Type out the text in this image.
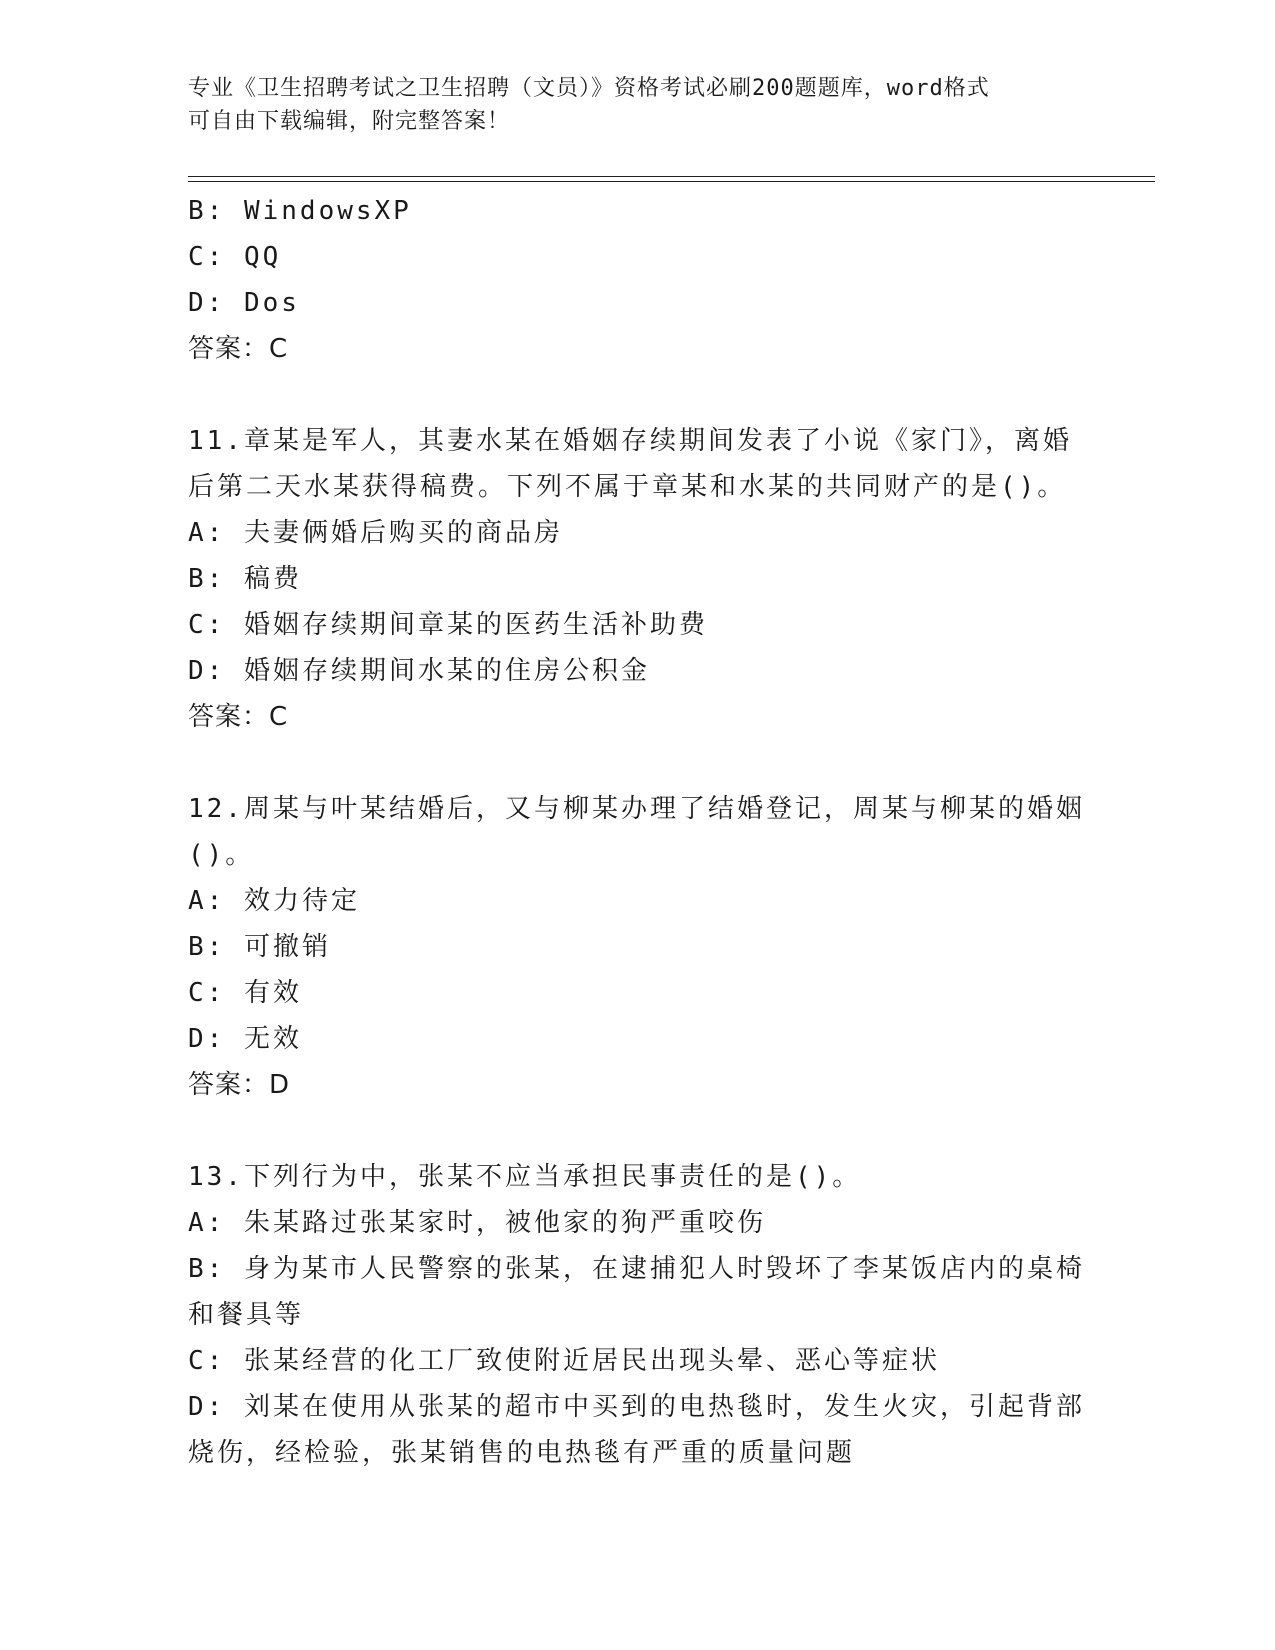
专业《卫生招聘考试之卫生招聘（文员）》资格考试必刷200题题库，word格式

可自由下载编辑，附完整答案！

B: WindowsXP

C: QQ

D: Dos

答案：C

11.章某是军人，其妻水某在婚姻存续期间发表了小说《家门》，离婚

后第二天水某获得稿费。下列不属于章某和水某的共同财产的是()。

A: 夫妻俩婚后购买的商品房

B: 稿费

C: 婚姻存续期间章某的医药生活补助费

D: 婚姻存续期间水某的住房公积金

答案：C

12.周某与叶某结婚后，又与柳某办理了结婚登记，周某与柳某的婚姻

()。

A: 效力待定

B: 可撤销

C: 有效

D: 无效

答案：D

13.下列行为中，张某不应当承担民事责任的是()。

A: 朱某路过张某家时，被他家的狗严重咬伤

B: 身为某市人民警察的张某，在逮捕犯人时毁坏了李某饭店内的桌椅

和餐具等

C: 张某经营的化工厂致使附近居民出现头晕、恶心等症状

D: 刘某在使用从张某的超市中买到的电热毯时，发生火灾，引起背部

烧伤，经检验，张某销售的电热毯有严重的质量问题
